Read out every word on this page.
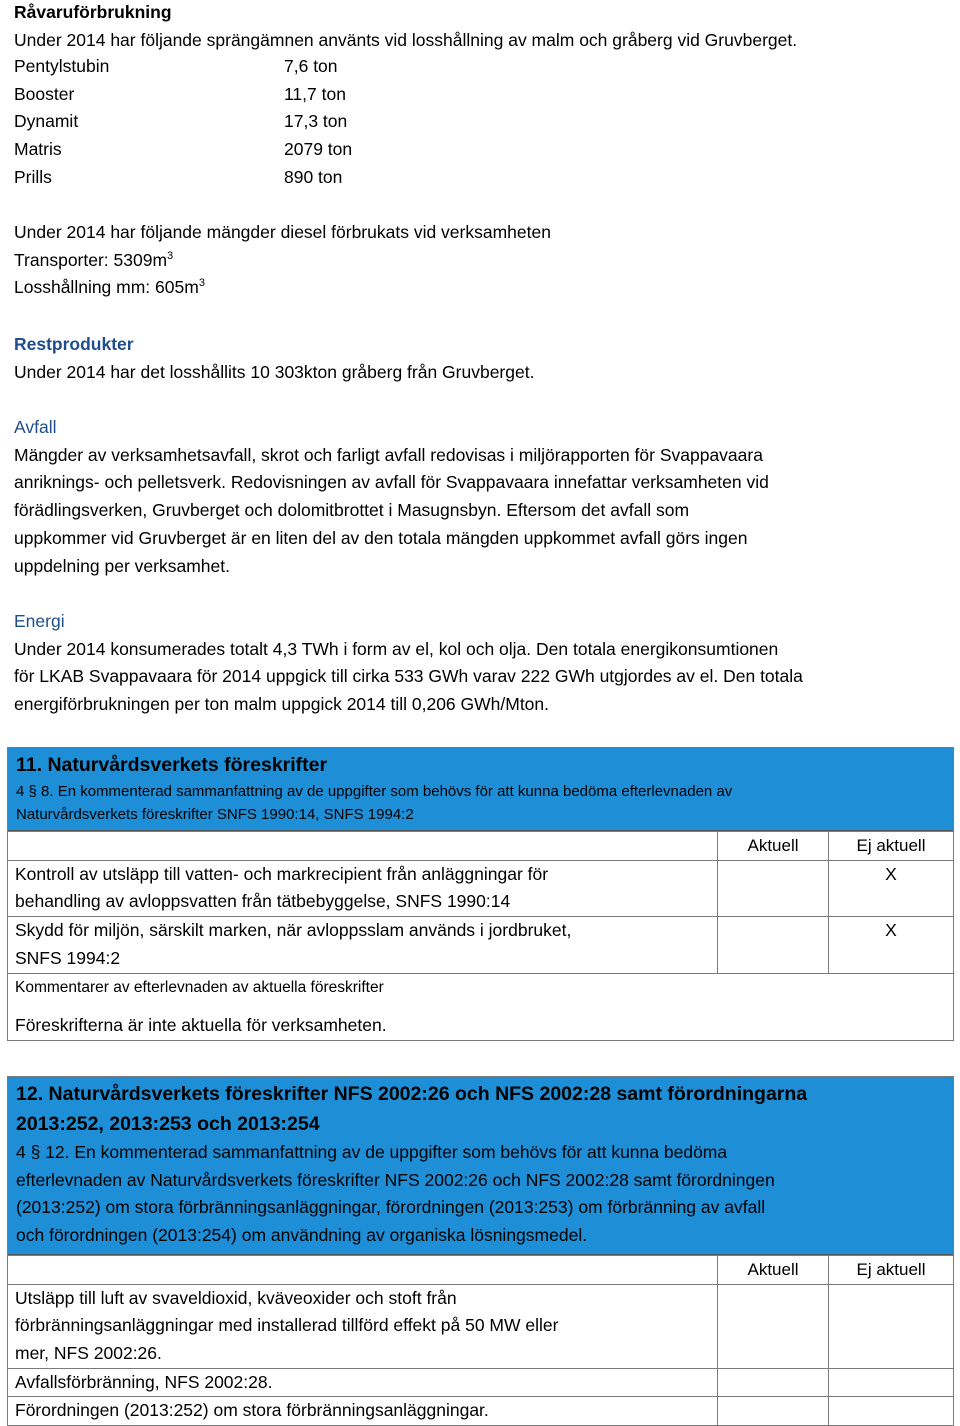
Råvaruförbrukning
Under 2014 har följande sprängämnen använts vid losshållning av malm och gråberg vid Gruvberget.
Pentylstubin	7,6 ton
Booster	11,7 ton
Dynamit	17,3 ton
Matris	2079 ton
Prills	890 ton
Under 2014 har följande mängder diesel förbrukats vid verksamheten
Transporter: $5309m^3$
Losshållning mm: $605m^3$
Restprodukter
Under 2014 har det losshållits 10 303kton gråberg från Gruvberget.
Avfall
Mängder av verksamhetsavfall, skrot och farligt avfall redovisas i miljörapporten för Svappavaara
anriknings- och pelletsverk. Redovisningen av avfall för Svappavaara innefattar verksamheten vid
förädlingsverken, Gruvberget och dolomitbrottet i Masugnsbyn. Eftersom det avfall som
uppkommer vid Gruvberget är en liten del av den totala mängden uppkommet avfall görs ingen
uppdelning per verksamhet.
Energi
Under 2014 konsumerades totalt 4,3 TWh i form av el, kol och olja. Den totala energikonsumtionen
för LKAB Svappavaara för 2014 uppgick till cirka 533 GWh varav 222 GWh utgjordes av el. Den totala
energiförbrukningen per ton malm uppgick 2014 till 0,206 GWh/Mton.
11. Naturvårdsverkets föreskrifter
4 § 8. En kommenterad sammanfattning av de uppgifter som behövs för att kunna bedöma efterlevnaden av
Naturvårdsverkets föreskrifter SNFS 1990:14, SNFS 1994:2
	Aktuell	Ej aktuell

Kontroll av utsläpp till vatten- och markrecipient från anläggningar för
behandling av avloppsvatten från tätbebyggelse, SNFS 1990:14		X

Skydd för miljön, särskilt marken, när avloppsslam används i jordbruket,
SNFS 1994:2		X

Kommentarer av efterlevnaden av aktuella föreskrifter
Föreskrifterna är inte aktuella för verksamheten.		
12. Naturvårdsverkets föreskrifter NFS 2002:26 och NFS 2002:28 samt förordningarna
2013:252, 2013:253 och 2013:254
4 § 12. En kommenterad sammanfattning av de uppgifter som behövs för att kunna bedöma
efterlevnaden av Naturvårdsverkets föreskrifter NFS 2002:26 och NFS 2002:28 samt förordningen
(2013:252) om stora förbränningsanläggningar, förordningen (2013:253) om förbränning av avfall
och förordningen (2013:254) om användning av organiska lösningsmedel.
	Aktuell	Ej aktuell

Utsläpp till luft av svaveldioxid, kväveoxider och stoft från
förbränningsanläggningar med installerad tillförd effekt på 50 MW eller
mer, NFS 2002:26.		

Avfallsförbränning, NFS 2002:28.		

Förordningen (2013:252) om stora förbränningsanläggningar.		
